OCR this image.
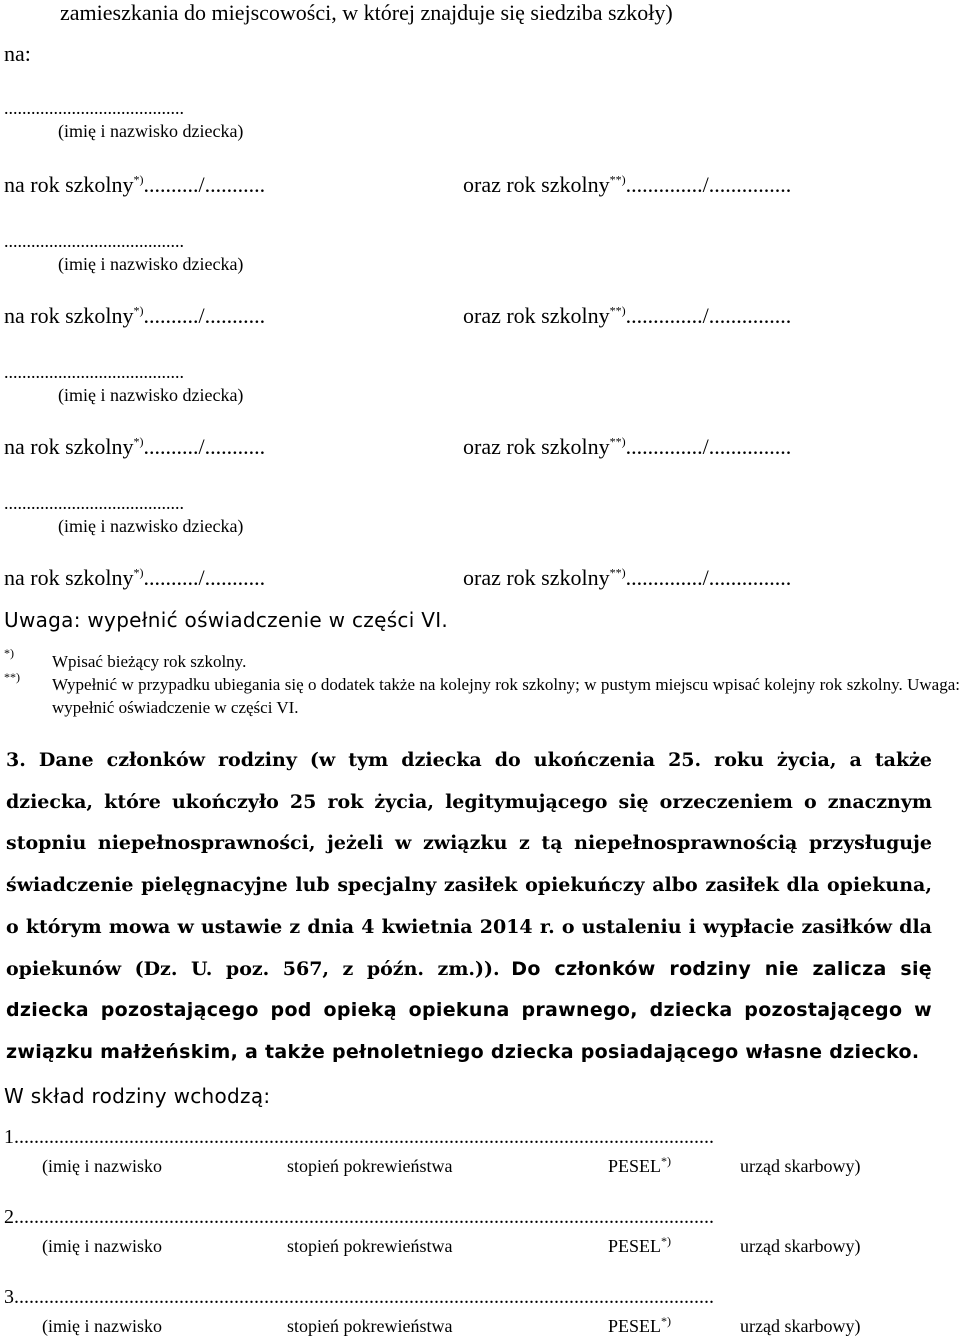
zamieszkania do miejscowości, w której znajduje się siedziba szkoły)
na:
........................................
(imię i nazwisko dziecka)
na rok szkolny*)........../...........	oraz rok szkolny**)............../...............
........................................
(imię i nazwisko dziecka)
na rok szkolny*)........../...........	oraz rok szkolny**)............../...............
........................................
(imię i nazwisko dziecka)
na rok szkolny*)........../...........	oraz rok szkolny**)............../...............
........................................
(imię i nazwisko dziecka)
na rok szkolny*)........../...........	oraz rok szkolny**)............../...............
Uwaga: wypełnić oświadczenie w części VI.
*) Wpisać bieżący rok szkolny.
**) Wypełnić w przypadku ubiegania się o dodatek także na kolejny rok szkolny; w pustym miejscu wpisać kolejny rok szkolny. Uwaga: wypełnić oświadczenie w części VI.
3. Dane członków rodziny (w tym dziecka do ukończenia 25. roku życia, a także dziecka, które ukończyło 25 rok życia, legitymującego się orzeczeniem o znacznym stopniu niepełnosprawności, jeżeli w związku z tą niepełnosprawnością przysługuje świadczenie pielęgnacyjne lub specjalny zasiłek opiekuńczy albo zasiłek dla opiekuna, o którym mowa w ustawie z dnia 4 kwietnia 2014 r. o ustaleniu i wypłacie zasiłków dla opiekunów (Dz. U. poz. 567, z późn. zm.)). Do członków rodziny nie zalicza się dziecka pozostającego pod opieką opiekuna prawnego, dziecka pozostającego w związku małżeńskim, a także pełnoletniego dziecka posiadającego własne dziecko.
W skład rodziny wchodzą:
1............................................................................................................................................
(imię i nazwisko	stopień pokrewieństwa	PESEL*)	urząd skarbowy)
2............................................................................................................................................
(imię i nazwisko	stopień pokrewieństwa	PESEL*)	urząd skarbowy)
3............................................................................................................................................
(imię i nazwisko	stopień pokrewieństwa	PESEL*)	urząd skarbowy)
